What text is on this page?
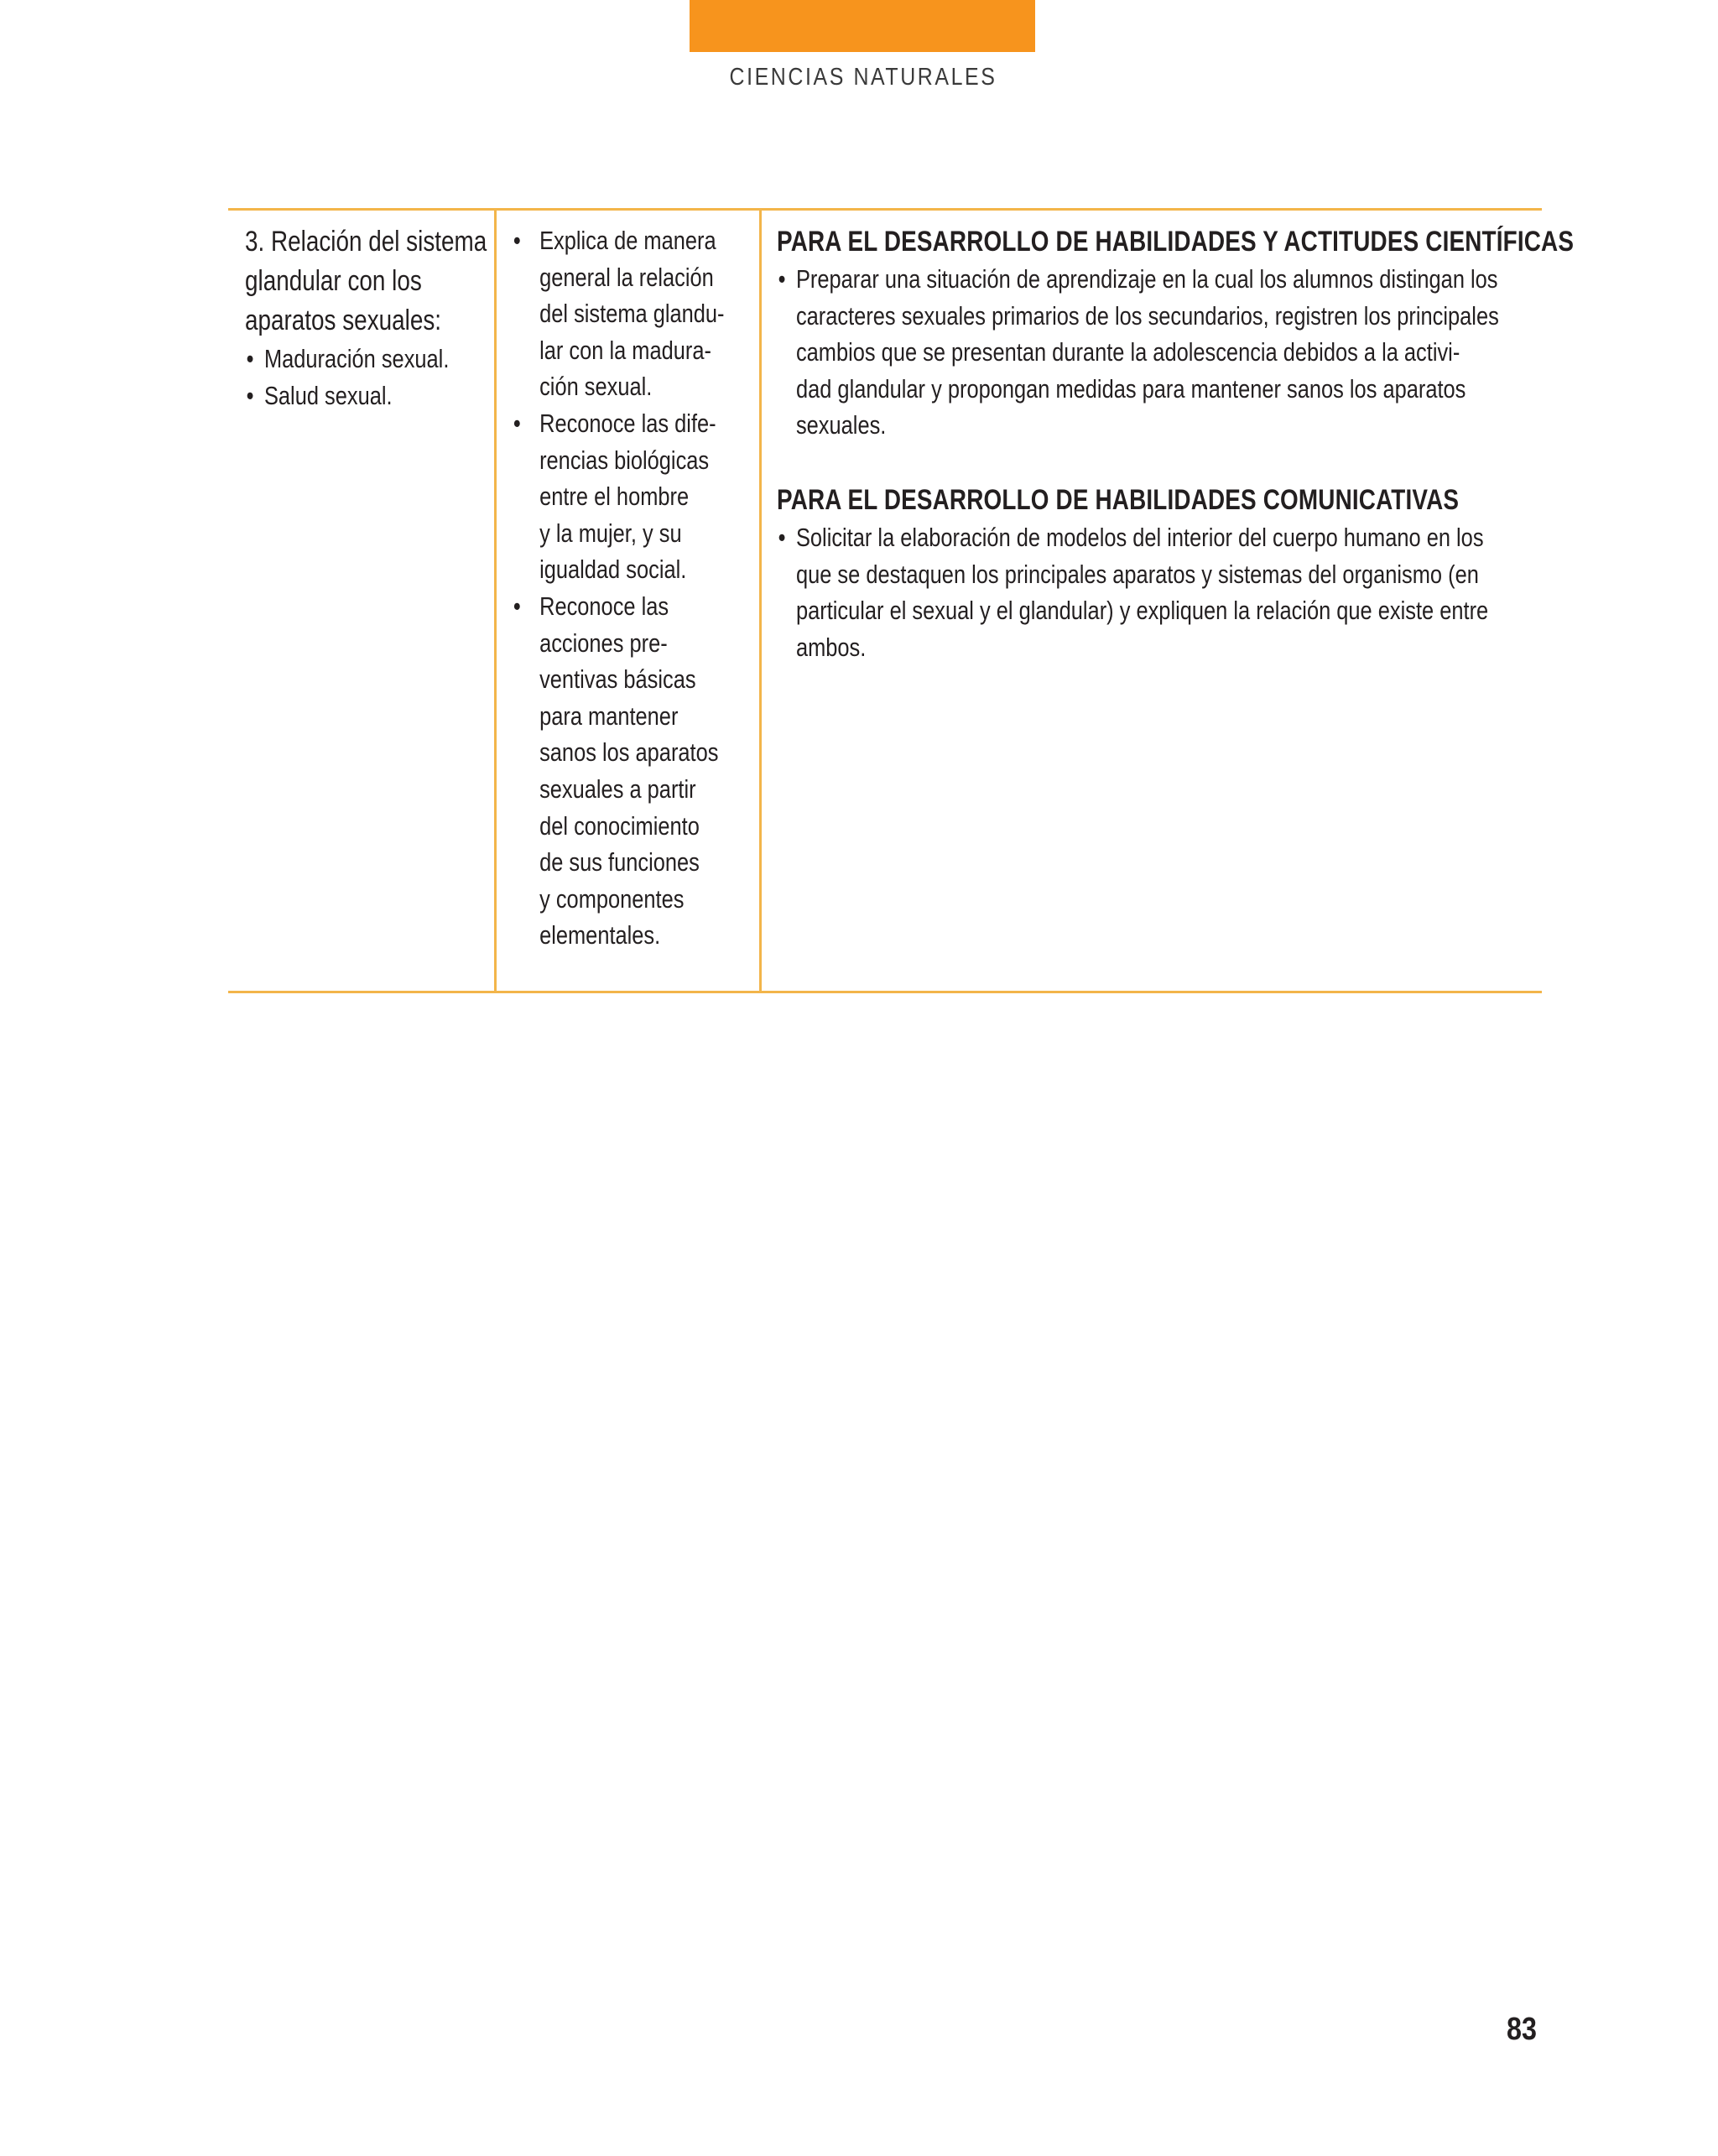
CIENCIAS NATURALES

3. Relación del sistema
glandular con los
aparatos sexuales:

• Maduración sexual.
• Salud sexual.
• Explica de manera
general la relación
del sistema glandu-
lar con la madura-
ción sexual.
• Reconoce las dife-
rencias biológicas
entre el hombre
y la mujer, y su
igualdad social.
• Reconoce las
acciones pre-
ventivas básicas
para mantener
sanos los aparatos
sexuales a partir
del conocimiento
de sus funciones
y componentes
elementales.
PARA EL DESARROLLO DE HABILIDADES Y ACTITUDES CIENTÍFICAS
• Preparar una situación de aprendizaje en la cual los alumnos distingan los
caracteres sexuales primarios de los secundarios, registren los principales
cambios que se presentan durante la adolescencia debidos a la activi-
dad glandular y propongan medidas para mantener sanos los aparatos
sexuales.
PARA EL DESARROLLO DE HABILIDADES COMUNICATIVAS
• Solicitar la elaboración de modelos del interior del cuerpo humano en los
que se destaquen los principales aparatos y sistemas del organismo (en
particular el sexual y el glandular) y expliquen la relación que existe entre
ambos.
83
